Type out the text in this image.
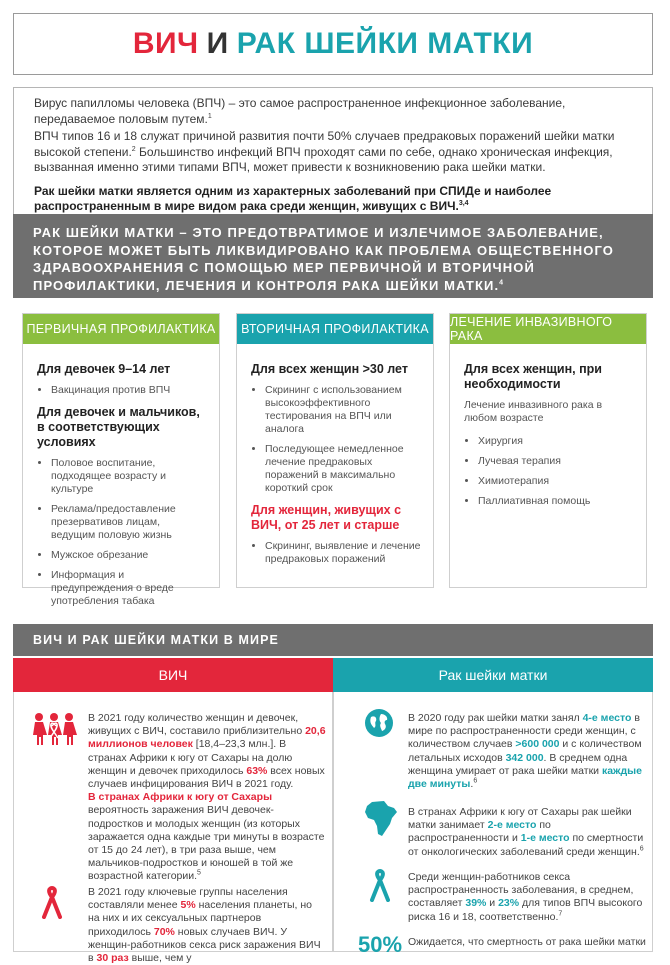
ВИЧ И РАК ШЕЙКИ МАТКИ

Вирус папилломы человека (ВПЧ) – это самое распространенное инфекционное заболевание, передаваемое половым путем.$^1$

ВПЧ типов 16 и 18 служат причиной развития почти 50% случаев предраковых поражений шейки матки высокой степени.$^2$ Большинство инфекций ВПЧ проходят сами по себе, однако хроническая инфекция, вызванная именно этими типами ВПЧ, может привести к возникновению рака шейки матки.

Рак шейки матки является одним из характерных заболеваний при СПИДе и наиболее распространенным в мире видом рака среди женщин, живущих с ВИЧ.$^{3,4}$

РАК ШЕЙКИ МАТКИ – ЭТО ПРЕДОТВРАТИМОЕ И ИЗЛЕЧИМОЕ ЗАБОЛЕВАНИЕ, КОТОРОЕ МОЖЕТ БЫТЬ ЛИКВИДИРОВАНО КАК ПРОБЛЕМА ОБЩЕСТВЕННОГО ЗДРАВООХРАНЕНИЯ С ПОМОЩЬЮ МЕР ПЕРВИЧНОЙ И ВТОРИЧНОЙ ПРОФИЛАКТИКИ, ЛЕЧЕНИЯ И КОНТРОЛЯ РАКА ШЕЙКИ МАТКИ.$^4$
ПЕРВИЧНАЯ ПРОФИЛАКТИКА
Для девочек 9–14 лет
• Вакцинация против ВПЧ
Для девочек и мальчиков, в соответствующих условиях
• Половое воспитание, подходящее возрасту и культуре
• Реклама/предоставление презервативов лицам, ведущим половую жизнь
• Мужское обрезание
• Информация и предупреждения о вреде употребления табака
ВТОРИЧНАЯ ПРОФИЛАКТИКА
Для всех женщин >30 лет
• Скрининг с использованием высокоэффективного тестирования на ВПЧ или аналога
• Последующее немедленное лечение предраковых поражений в максимально короткий срок
Для женщин, живущих с ВИЧ, от 25 лет и старше
• Скрининг, выявление и лечение предраковых поражений
ЛЕЧЕНИЕ ИНВАЗИВНОГО РАКА
Для всех женщин, при необходимости

Лечение инвазивного рака в любом возрасте

• Хирургия
• Лучевая терапия
• Химиотерапия
• Паллиативная помощь
ВИЧ И РАК ШЕЙКИ МАТКИ В МИРЕ
ВИЧ	Рак шейки матки
В 2021 году количество женщин и девочек, живущих с ВИЧ, составило приблизительно 20,6 миллионов человек [18,4–23,3 млн.]. В странах Африки к югу от Сахары на долю женщин и девочек приходилось 63% всех новых случаев инфицирования ВИЧ в 2021 году.
В странах Африки к югу от Сахары вероятность заражения ВИЧ девочек-подростков и молодых женщин (из которых заражается одна каждые три минуты в возрасте от 15 до 24 лет), в три раза выше, чем мальчиков-подростков и юношей в той же возрастной категории.$^5$
В 2021 году ключевые группы населения составляли менее 5% населения планеты, но на них и их сексуальных партнеров приходилось 70% новых случаев ВИЧ. У женщин-работников секса риск заражения ВИЧ в 30 раз выше, чем у
В 2020 году рак шейки матки занял 4-е место в мире по распространенности среди женщин, с количеством случаев >600 000 и с количеством летальных исходов 342 000. В среднем одна женщина умирает от рака шейки матки каждые две минуты.$^6$
В странах Африки к югу от Сахары рак шейки матки занимает 2-е место по распространенности и 1-е место по смертности от онкологических заболеваний среди женщин.$^6$
Среди женщин-работников секса распространенность заболевания, в среднем, составляет 39% и 23% для типов ВПЧ высокого риска 16 и 18, соответственно.$^7$
50% Ожидается, что смертность от рака шейки матки
